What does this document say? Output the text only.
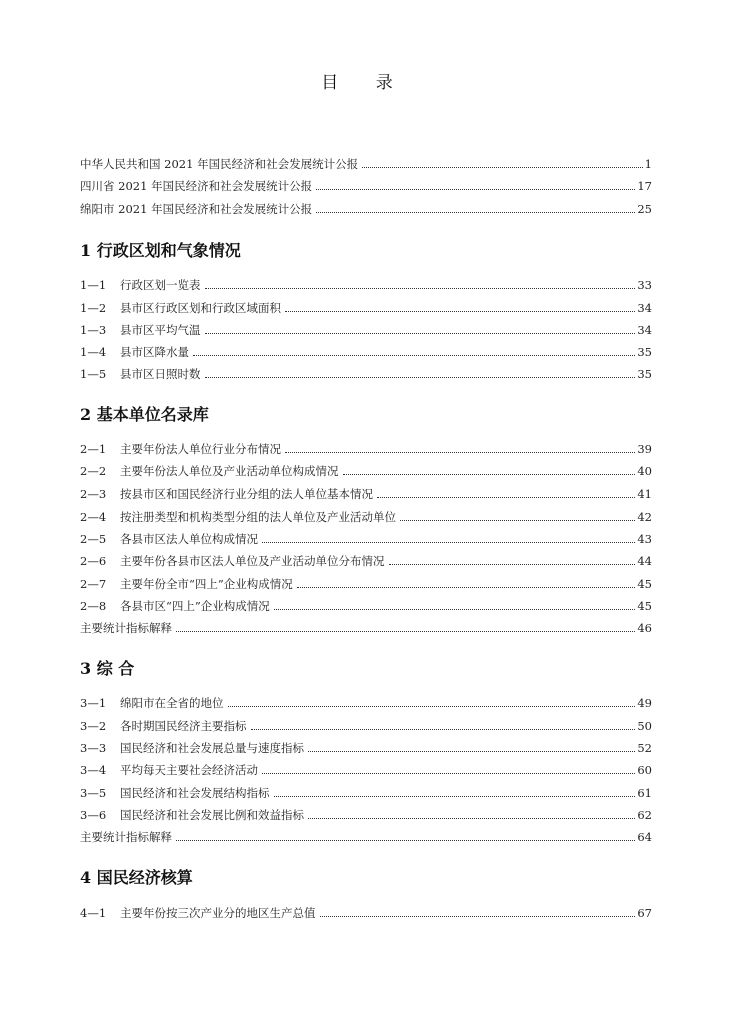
目 录
中华人民共和国 2021 年国民经济和社会发展统计公报	1
四川省 2021 年国民经济和社会发展统计公报	17
绵阳市 2021 年国民经济和社会发展统计公报	25
1 行政区划和气象情况
1—1	行政区划一览表	33
1—2	县市区行政区划和行政区域面积	34
1—3	县市区平均气温	34
1—4	县市区降水量	35
1—5	县市区日照时数	35
2 基本单位名录库
2—1	主要年份法人单位行业分布情况	39
2—2	主要年份法人单位及产业活动单位构成情况	40
2—3	按县市区和国民经济行业分组的法人单位基本情况	41
2—4	按注册类型和机构类型分组的法人单位及产业活动单位	42
2—5	各县市区法人单位构成情况	43
2—6	主要年份各县市区法人单位及产业活动单位分布情况	44
2—7	主要年份全市“四上”企业构成情况	45
2—8	各县市区“四上”企业构成情况	45
主要统计指标解释	46
3 综 合
3—1	绵阳市在全省的地位	49
3—2	各时期国民经济主要指标	50
3—3	国民经济和社会发展总量与速度指标	52
3—4	平均每天主要社会经济活动	60
3—5	国民经济和社会发展结构指标	61
3—6	国民经济和社会发展比例和效益指标	62
主要统计指标解释	64
4 国民经济核算
4—1	主要年份按三次产业分的地区生产总值	67
